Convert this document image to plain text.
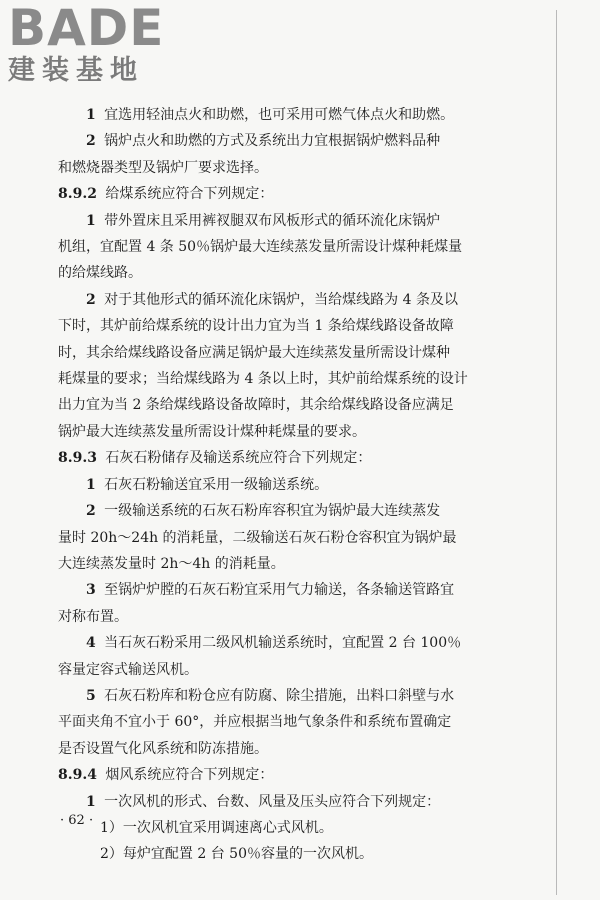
BADE
建装基地

1 宜选用轻油点火和助燃，也可采用可燃气体点火和助燃。

2 锅炉点火和助燃的方式及系统出力宜根据锅炉燃料品种

和燃烧器类型及锅炉厂要求选择。

8.9.2 给煤系统应符合下列规定：

1 带外置床且采用裤衩腿双布风板形式的循环流化床锅炉

机组，宜配置 4 条 50％锅炉最大连续蒸发量所需设计煤种耗煤量

的给煤线路。

2 对于其他形式的循环流化床锅炉，当给煤线路为 4 条及以

下时，其炉前给煤系统的设计出力宜为当 1 条给煤线路设备故障

时，其余给煤线路设备应满足锅炉最大连续蒸发量所需设计煤种

耗煤量的要求；当给煤线路为 4 条以上时，其炉前给煤系统的设计

出力宜为当 2 条给煤线路设备故障时，其余给煤线路设备应满足

锅炉最大连续蒸发量所需设计煤种耗煤量的要求。

8.9.3 石灰石粉储存及输送系统应符合下列规定：

1 石灰石粉输送宜采用一级输送系统。

2 一级输送系统的石灰石粉库容积宜为锅炉最大连续蒸发

量时 20h～24h 的消耗量，二级输送石灰石粉仓容积宜为锅炉最

大连续蒸发量时 2h～4h 的消耗量。

3 至锅炉炉膛的石灰石粉宜采用气力输送，各条输送管路宜

对称布置。

4 当石灰石粉采用二级风机输送系统时，宜配置 2 台 100％

容量定容式输送风机。

5 石灰石粉库和粉仓应有防腐、除尘措施，出料口斜壁与水

平面夹角不宜小于 60°，并应根据当地气象条件和系统布置确定

是否设置气化风系统和防冻措施。

8.9.4 烟风系统应符合下列规定：

1 一次风机的形式、台数、风量及压头应符合下列规定：

1）一次风机宜采用调速离心式风机。

2）每炉宜配置 2 台 50％容量的一次风机。

· 62 ·
